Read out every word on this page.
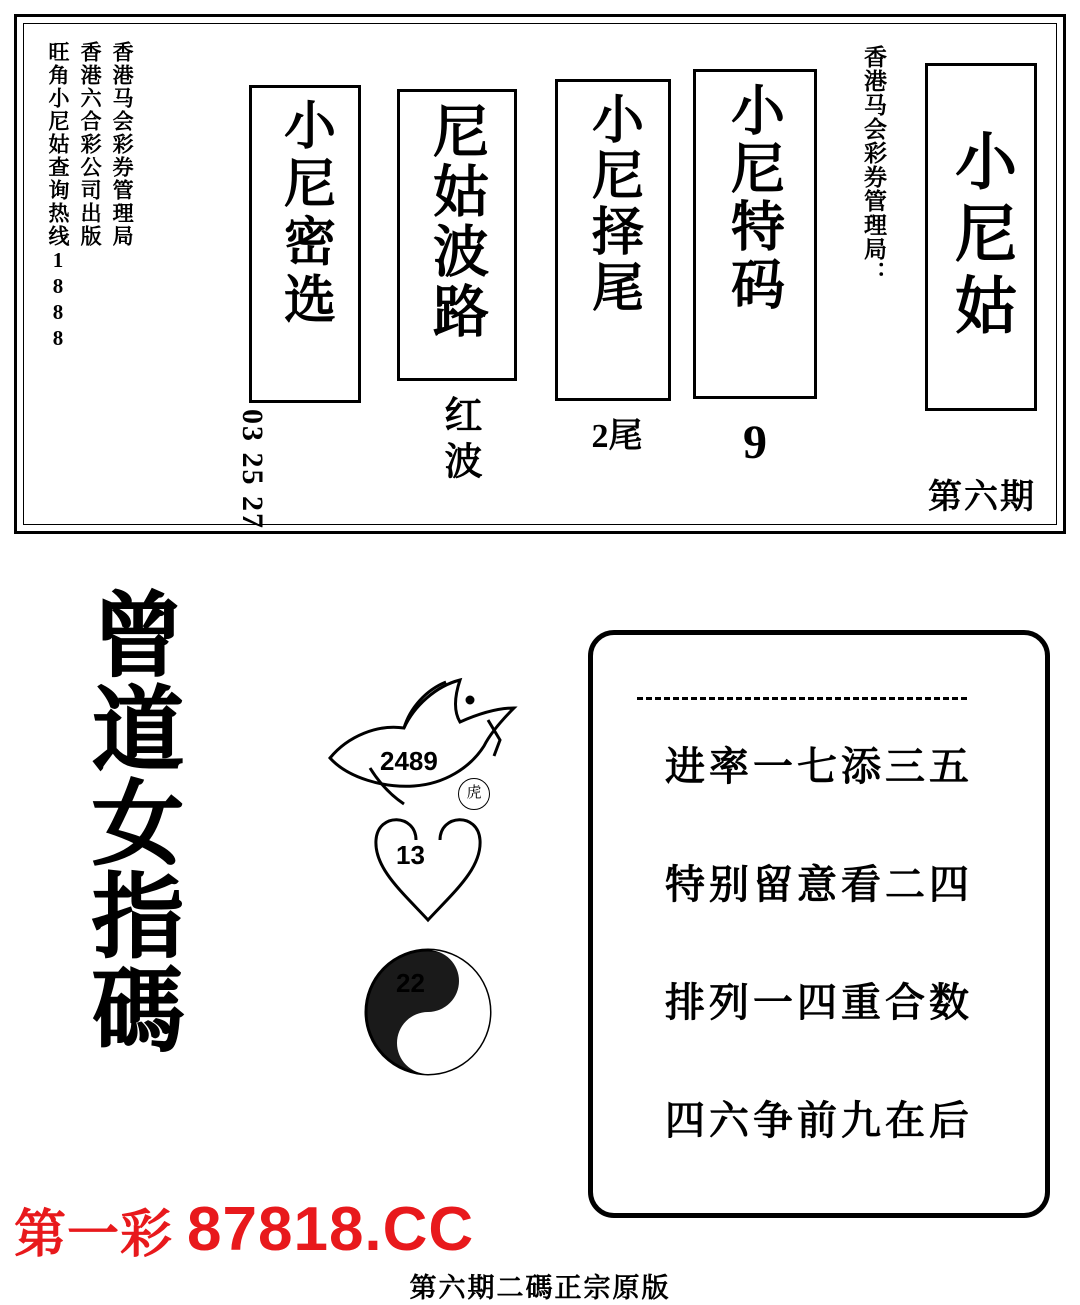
香港马会彩券管理局
香港六合彩公司出版
旺角小尼姑查询热线1888	小尼密选
03 25 27
尼姑波路
红波
小尼择尾
2尾
小尼特码
9
香港马会彩券管理局： 小尼姑
第六期
曾
道
女
指
碼
2489
虎
13
22
进率一七添三五
特别留意看二四
排列一四重合数
四六争前九在后
第一彩 87818.CC
第六期二碼正宗原版
